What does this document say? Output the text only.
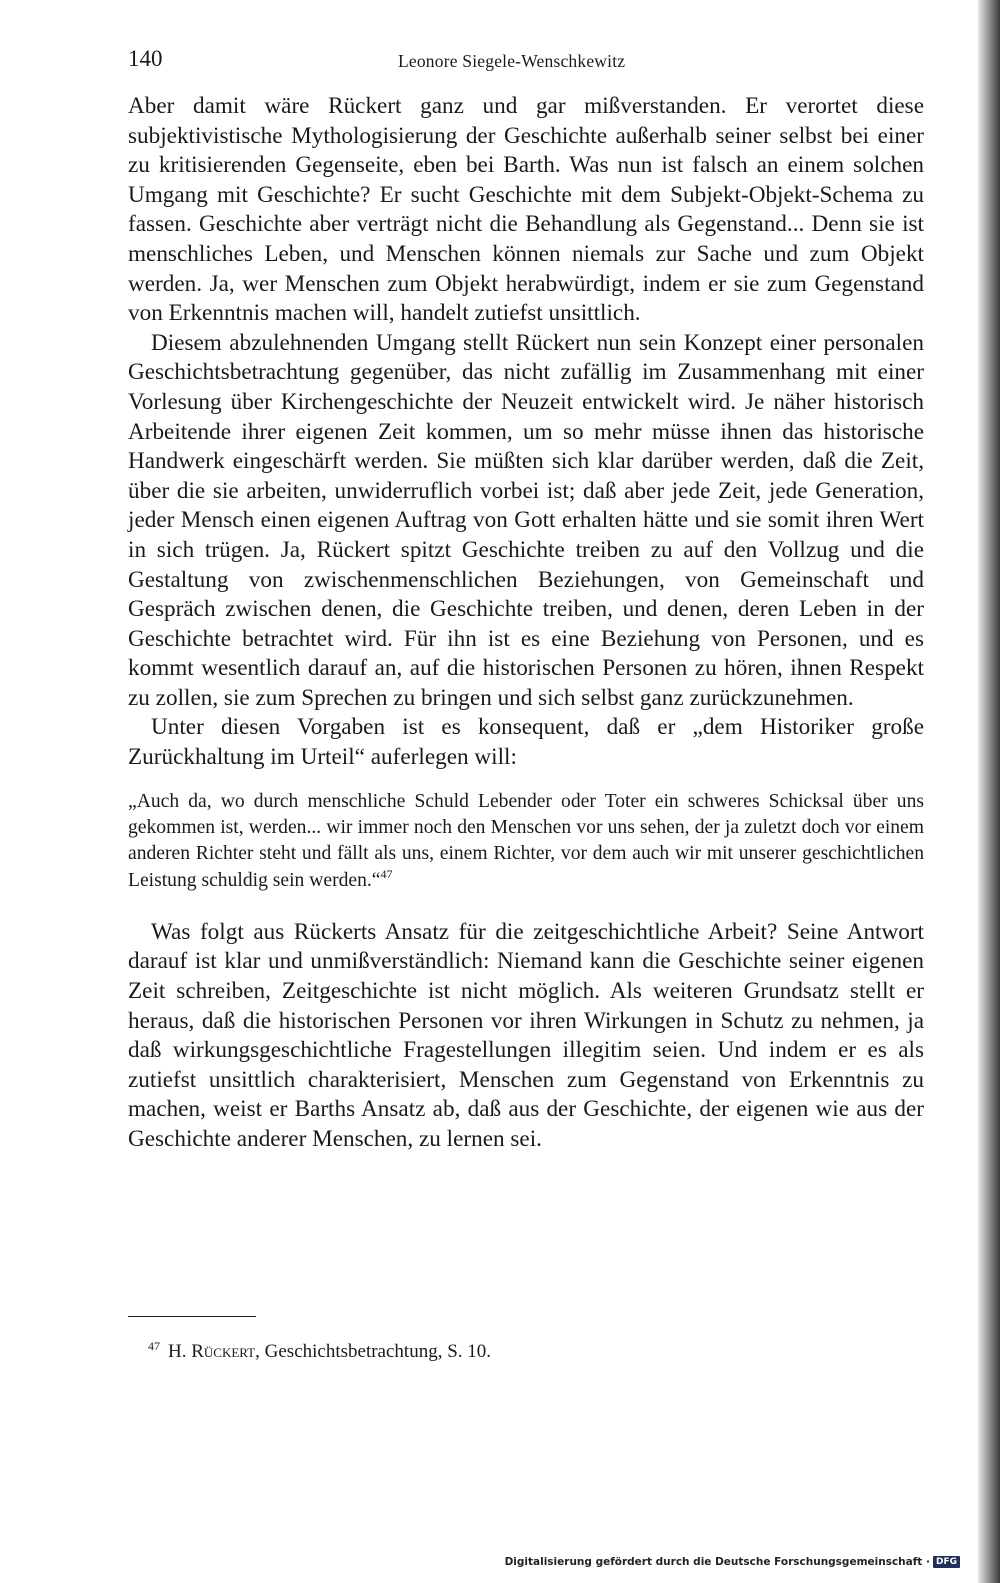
140	Leonore Siegele-Wenschkewitz

Aber damit wäre Rückert ganz und gar mißverstanden. Er verortet diese subjektivistische Mythologisierung der Geschichte außerhalb seiner selbst bei einer zu kritisierenden Gegenseite, eben bei Barth. Was nun ist falsch an einem solchen Umgang mit Geschichte? Er sucht Geschichte mit dem Subjekt-Objekt-Schema zu fassen. Geschichte aber verträgt nicht die Behandlung als Gegenstand... Denn sie ist menschliches Leben, und Menschen können niemals zur Sache und zum Objekt werden. Ja, wer Menschen zum Objekt herabwürdigt, indem er sie zum Gegenstand von Erkenntnis machen will, handelt zutiefst unsittlich.

Diesem abzulehnenden Umgang stellt Rückert nun sein Konzept einer personalen Geschichtsbetrachtung gegenüber, das nicht zufällig im Zusammenhang mit einer Vorlesung über Kirchengeschichte der Neuzeit entwickelt wird. Je näher historisch Arbeitende ihrer eigenen Zeit kommen, um so mehr müsse ihnen das historische Handwerk eingeschärft werden. Sie müßten sich klar darüber werden, daß die Zeit, über die sie arbeiten, unwiderruflich vorbei ist; daß aber jede Zeit, jede Generation, jeder Mensch einen eigenen Auftrag von Gott erhalten hätte und sie somit ihren Wert in sich trügen. Ja, Rückert spitzt Geschichte treiben zu auf den Vollzug und die Gestaltung von zwischenmenschlichen Beziehungen, von Gemeinschaft und Gespräch zwischen denen, die Geschichte treiben, und denen, deren Leben in der Geschichte betrachtet wird. Für ihn ist es eine Beziehung von Personen, und es kommt wesentlich darauf an, auf die historischen Personen zu hören, ihnen Respekt zu zollen, sie zum Sprechen zu bringen und sich selbst ganz zurückzunehmen.

Unter diesen Vorgaben ist es konsequent, daß er „dem Historiker große Zurückhaltung im Urteil“ auferlegen will:

„Auch da, wo durch menschliche Schuld Lebender oder Toter ein schweres Schicksal über uns gekommen ist, werden... wir immer noch den Menschen vor uns sehen, der ja zuletzt doch vor einem anderen Richter steht und fällt als uns, einem Richter, vor dem auch wir mit unserer geschichtlichen Leistung schuldig sein werden.“$^{47}$

Was folgt aus Rückerts Ansatz für die zeitgeschichtliche Arbeit? Seine Antwort darauf ist klar und unmißverständlich: Niemand kann die Geschichte seiner eigenen Zeit schreiben, Zeitgeschichte ist nicht möglich. Als weiteren Grundsatz stellt er heraus, daß die historischen Personen vor ihren Wirkungen in Schutz zu nehmen, ja daß wirkungsgeschichtliche Fragestellungen illegitim seien. Und indem er es als zutiefst unsittlich charakterisiert, Menschen zum Gegenstand von Erkenntnis zu machen, weist er Barths Ansatz ab, daß aus der Geschichte, der eigenen wie aus der Geschichte anderer Menschen, zu lernen sei.

$^{47}$ H. Rückert, Geschichtsbetrachtung, S. 10.
Digitalisierung gefördert durch die Deutsche Forschungsgemeinschaft · DFG
